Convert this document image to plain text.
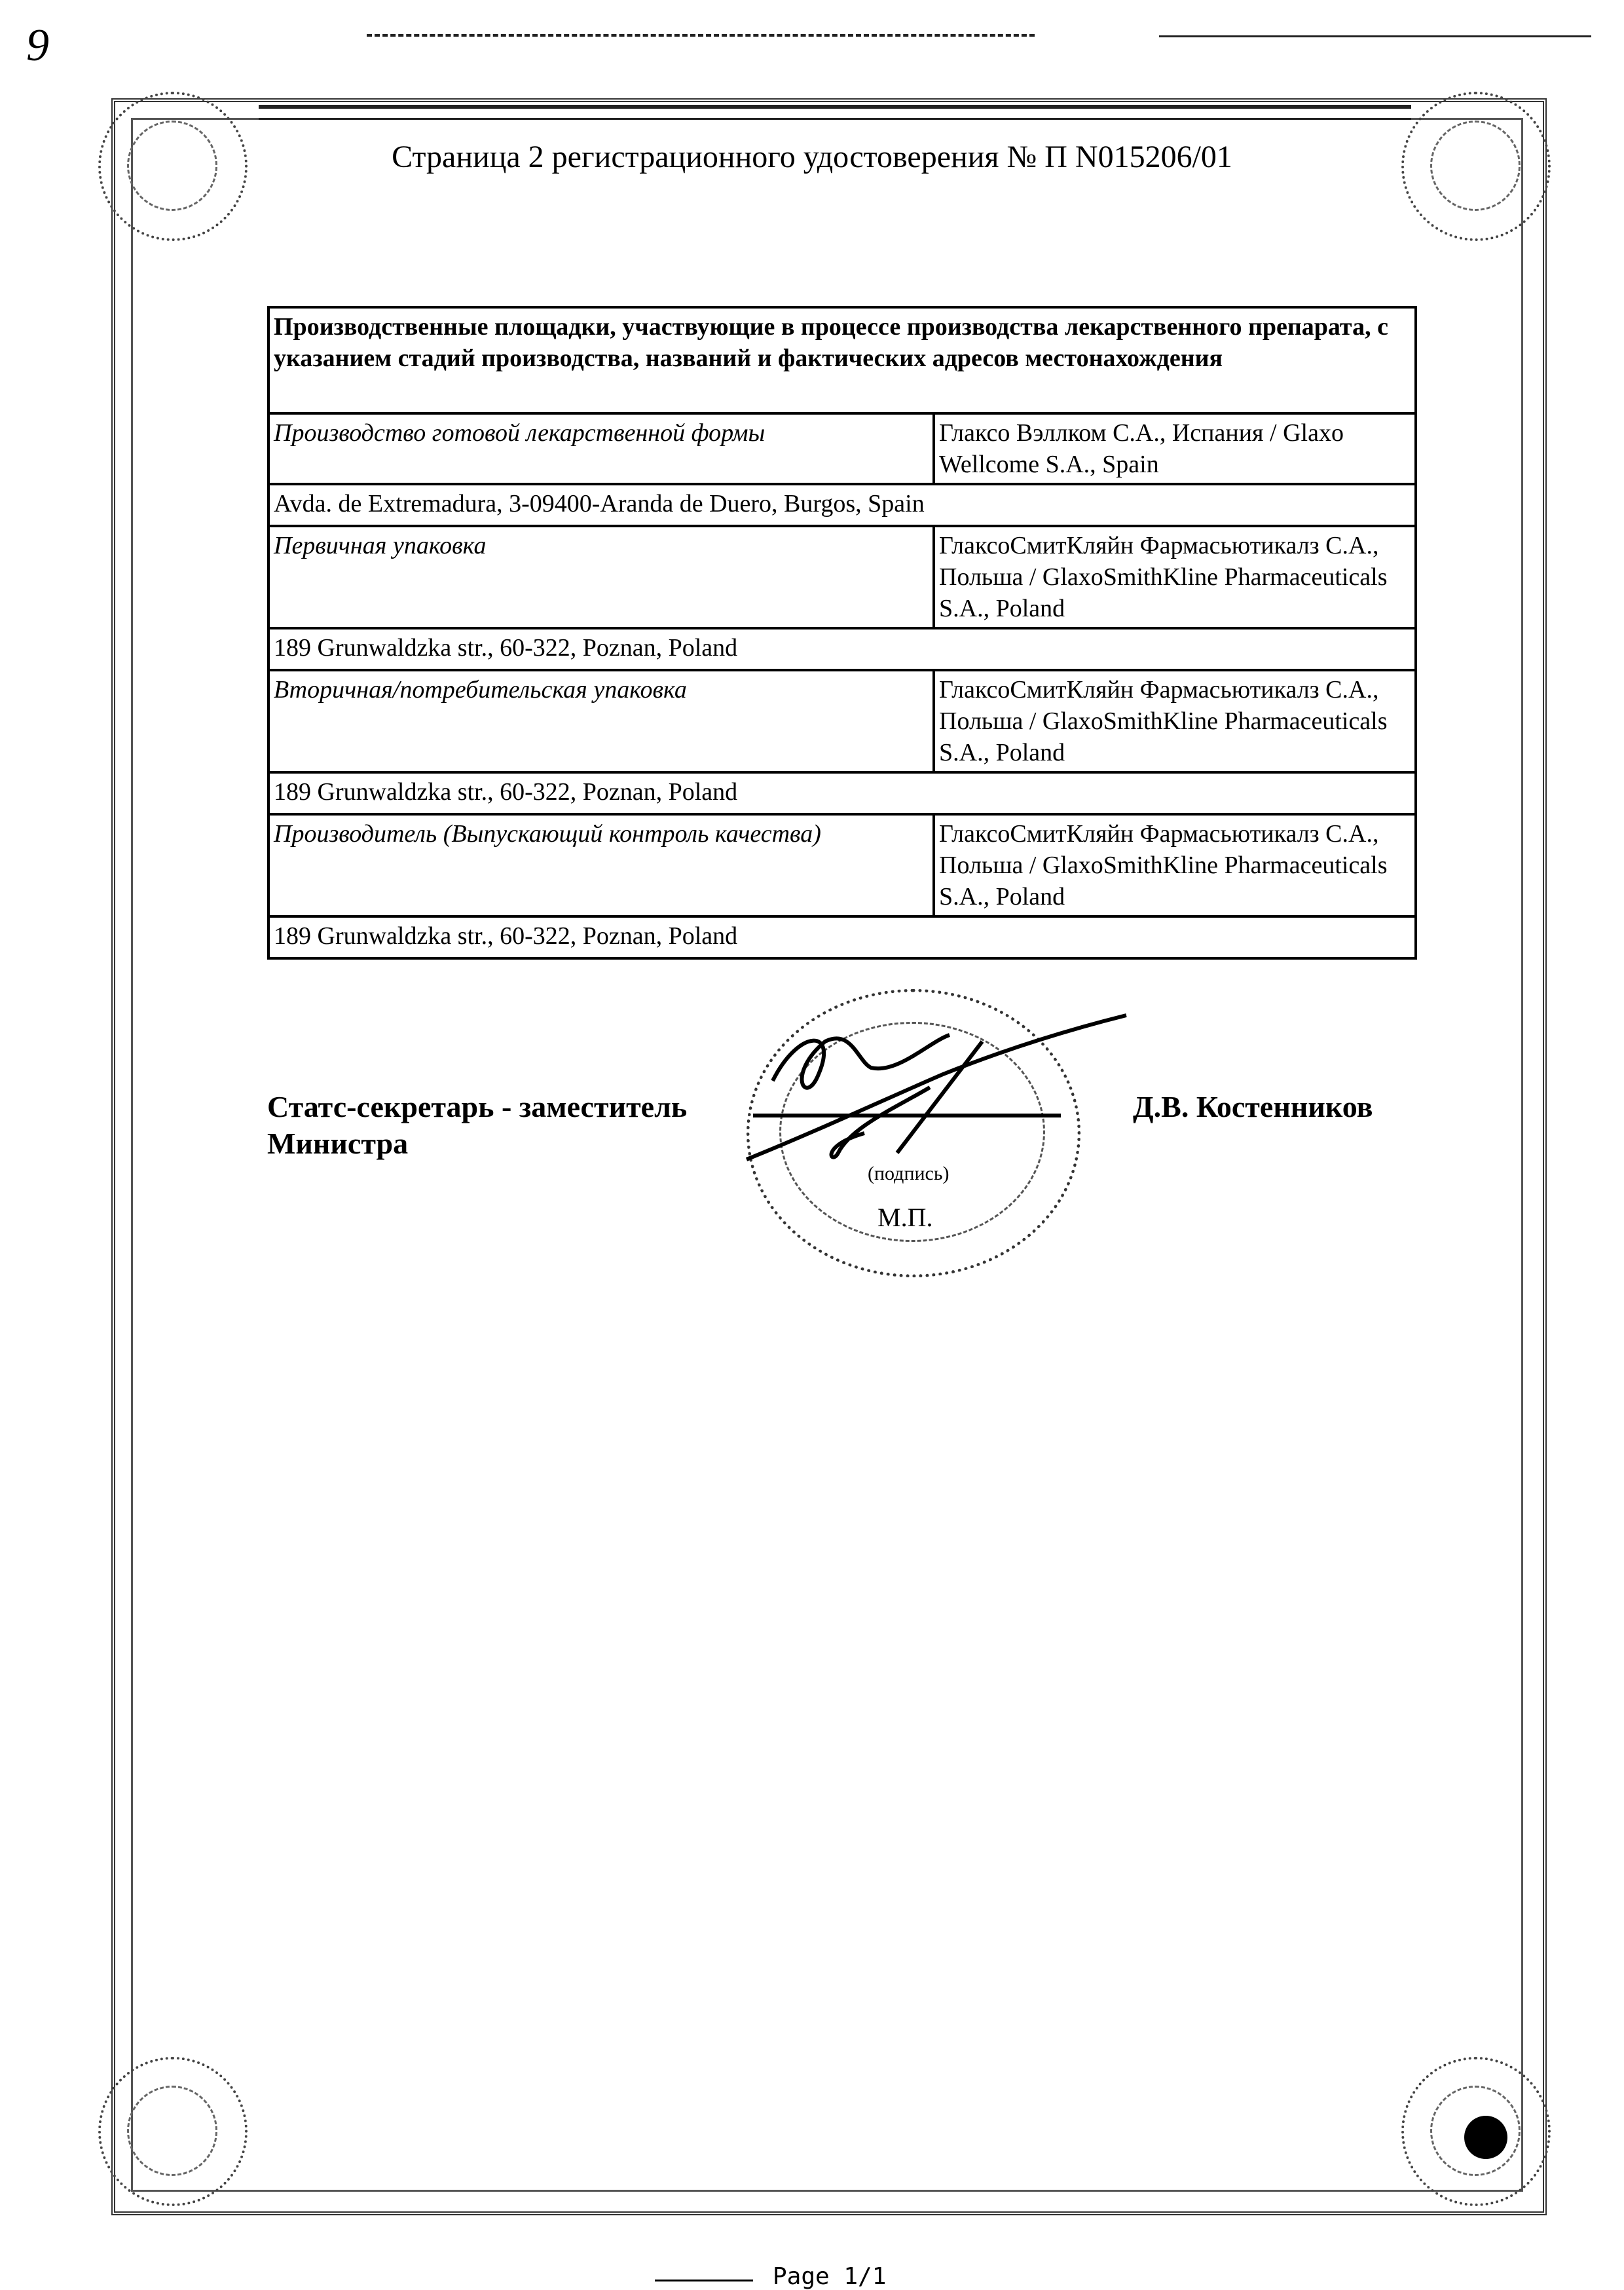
9
Страница 2 регистрационного удостоверения № П N015206/01
Производственные площадки, участвующие в процессе производства лекарственного препарата, с указанием стадий производства, названий и фактических адресов местонахождения	
Производство готовой лекарственной формы	Глаксо Вэллком С.А., Испания / Glaxo Wellcome S.A., Spain
Avda. de Extremadura, 3-09400-Aranda de Duero, Burgos, Spain	
Первичная упаковка	ГлаксоСмитКляйн Фармасьютикалз С.А., Польша / GlaxoSmithKline Pharmaceuticals S.A., Poland
189 Grunwaldzka str., 60-322, Poznan, Poland	
Вторичная/потребительская упаковка	ГлаксоСмитКляйн Фармасьютикалз С.А., Польша / GlaxoSmithKline Pharmaceuticals S.A., Poland
189 Grunwaldzka str., 60-322, Poznan, Poland	
Производитель (Выпускающий контроль качества)	ГлаксоСмитКляйн Фармасьютикалз С.А., Польша / GlaxoSmithKline Pharmaceuticals S.A., Poland
189 Grunwaldzka str., 60-322, Poznan, Poland	
Статс-секретарь - заместитель Министра
Д.В. Костенников
(подпись)
М.П.
Page 1/1
